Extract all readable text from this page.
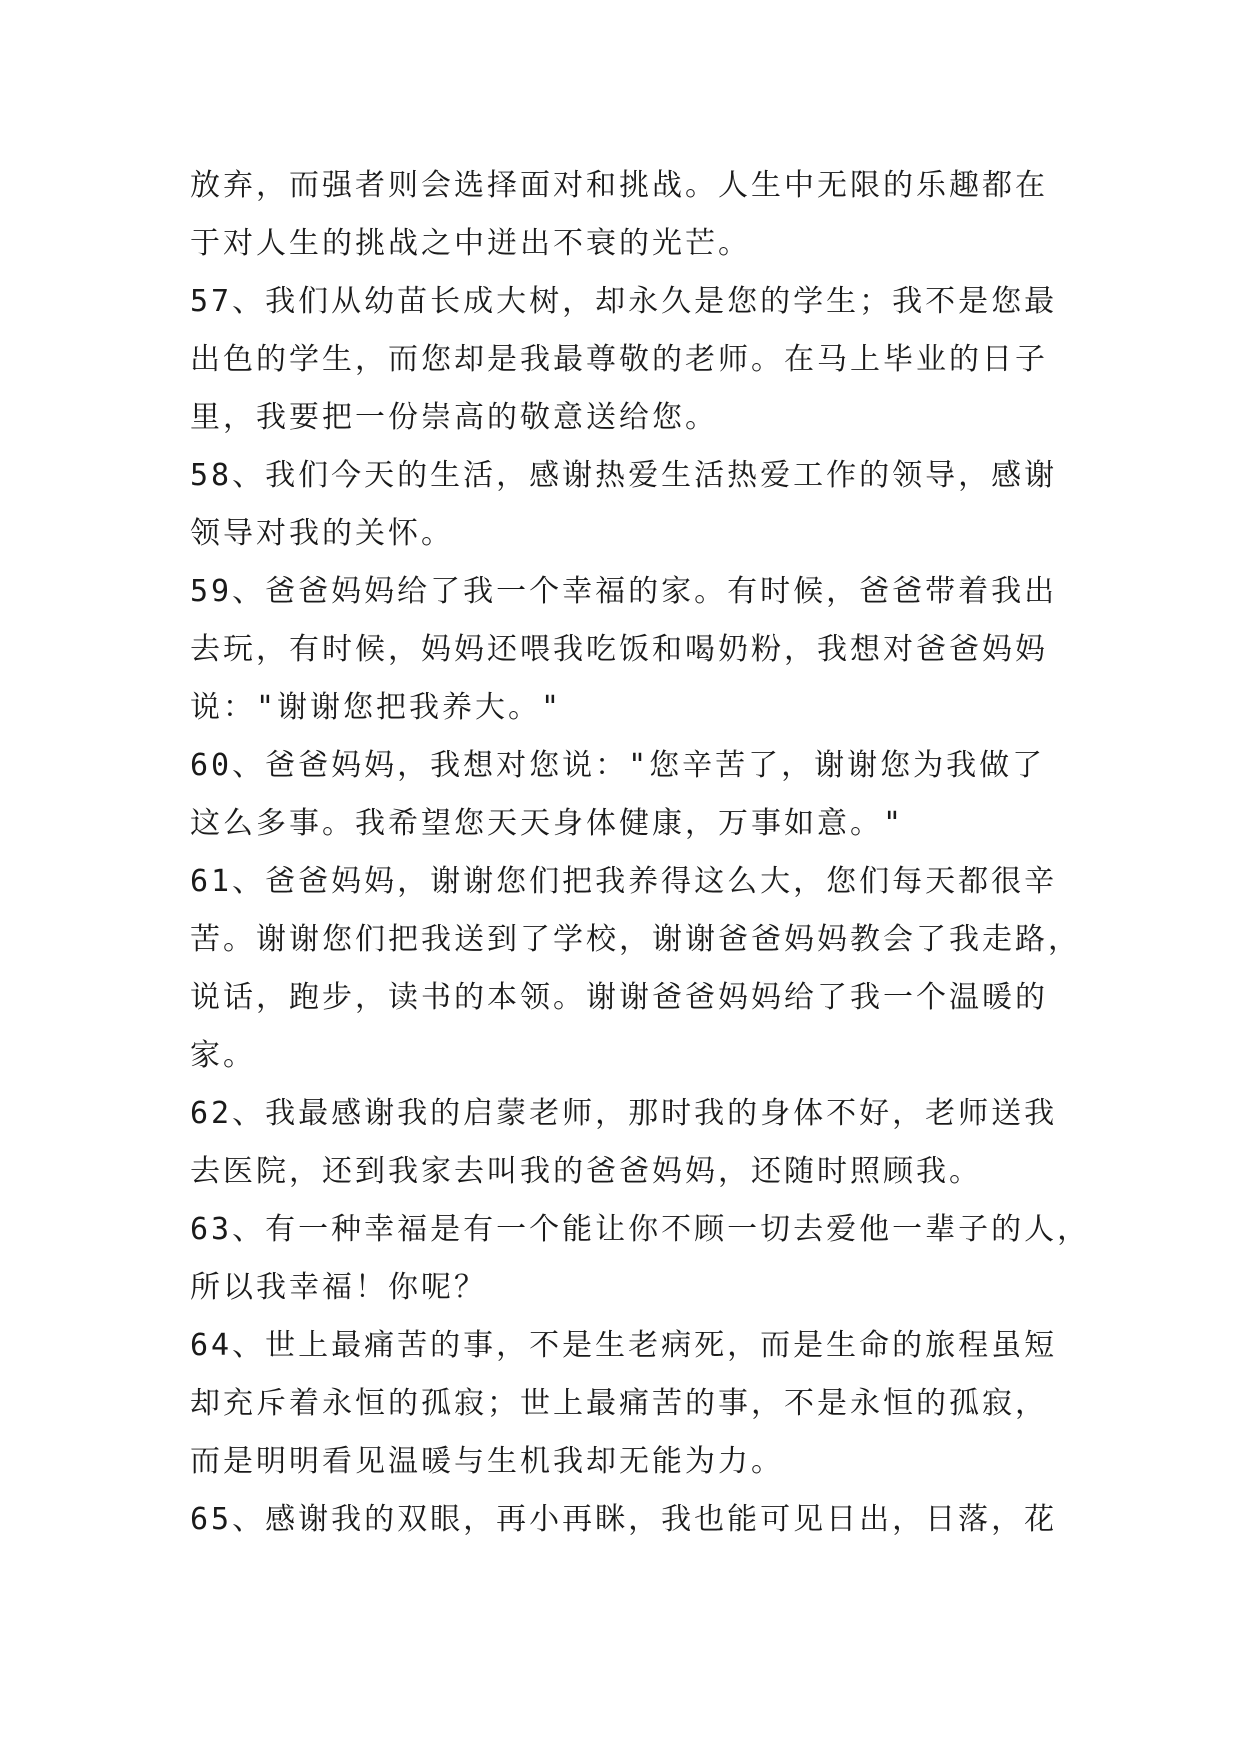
放弃，而强者则会选择面对和挑战。人生中无限的乐趣都在
于对人生的挑战之中迸出不衰的光芒。
57、我们从幼苗长成大树，却永久是您的学生；我不是您最
出色的学生，而您却是我最尊敬的老师。在马上毕业的日子
里，我要把一份崇高的敬意送给您。
58、我们今天的生活，感谢热爱生活热爱工作的领导，感谢
领导对我的关怀。
59、爸爸妈妈给了我一个幸福的家。有时候，爸爸带着我出
去玩，有时候，妈妈还喂我吃饭和喝奶粉，我想对爸爸妈妈
说："谢谢您把我养大。"
60、爸爸妈妈，我想对您说："您辛苦了，谢谢您为我做了
这么多事。我希望您天天身体健康，万事如意。"
61、爸爸妈妈，谢谢您们把我养得这么大，您们每天都很辛
苦。谢谢您们把我送到了学校，谢谢爸爸妈妈教会了我走路，
说话，跑步，读书的本领。谢谢爸爸妈妈给了我一个温暖的
家。
62、我最感谢我的启蒙老师，那时我的身体不好，老师送我
去医院，还到我家去叫我的爸爸妈妈，还随时照顾我。
63、有一种幸福是有一个能让你不顾一切去爱他一辈子的人，
所以我幸福！你呢？
64、世上最痛苦的事，不是生老病死，而是生命的旅程虽短
却充斥着永恒的孤寂；世上最痛苦的事，不是永恒的孤寂，
而是明明看见温暖与生机我却无能为力。
65、感谢我的双眼，再小再眯，我也能可见日出，日落，花
